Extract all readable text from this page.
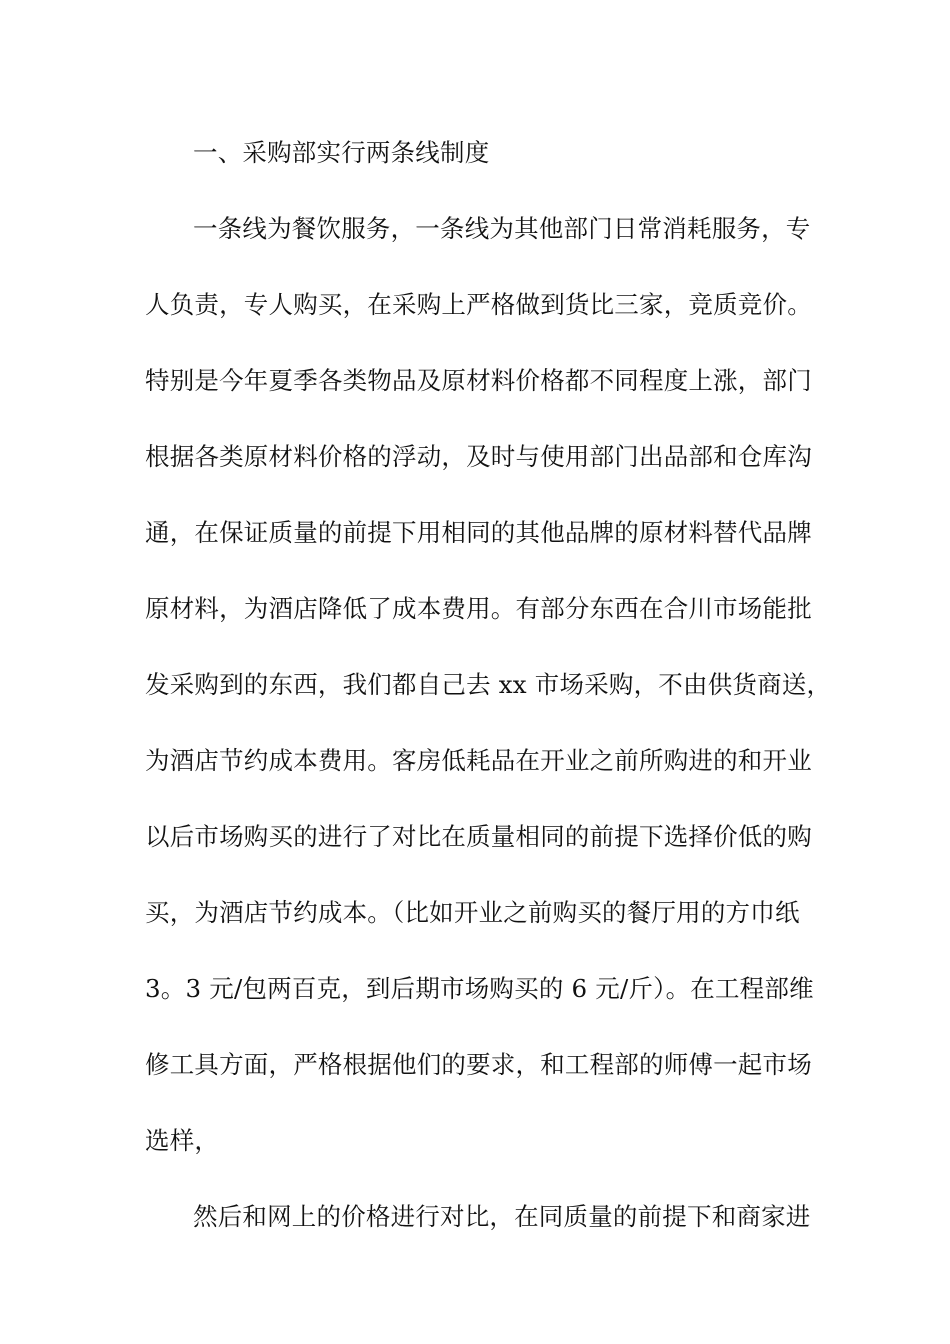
一、采购部实行两条线制度
一条线为餐饮服务，一条线为其他部门日常消耗服务，专
人负责，专人购买，在采购上严格做到货比三家，竞质竞价。
特别是今年夏季各类物品及原材料价格都不同程度上涨，部门
根据各类原材料价格的浮动，及时与使用部门出品部和仓库沟
通，在保证质量的前提下用相同的其他品牌的原材料替代品牌
原材料，为酒店降低了成本费用。有部分东西在合川市场能批
发采购到的东西，我们都自己去 xx 市场采购，不由供货商送，
为酒店节约成本费用。客房低耗品在开业之前所购进的和开业
以后市场购买的进行了对比在质量相同的前提下选择价低的购
买，为酒店节约成本。（比如开业之前购买的餐厅用的方巾纸
3。3 元/包两百克，到后期市场购买的 6 元/斤）。在工程部维
修工具方面，严格根据他们的要求，和工程部的师傅一起市场
选样，
然后和网上的价格进行对比，在同质量的前提下和商家进
